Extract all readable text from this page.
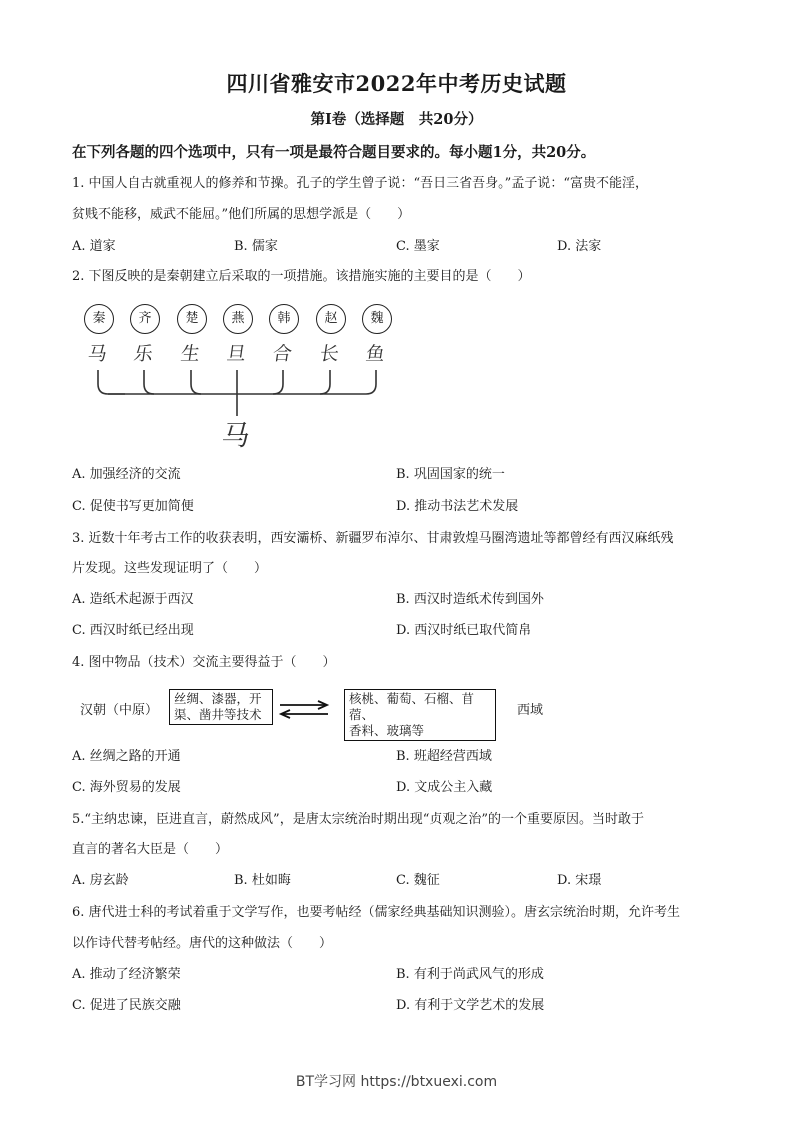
四川省雅安市2022年中考历史试题
第Ⅰ卷（选择题　共20分）
在下列各题的四个选项中，只有一项是最符合题目要求的。每小题1分，共20分。
1. 中国人自古就重视人的修养和节操。孔子的学生曾子说：“吾日三省吾身。”孟子说：“富贵不能淫，
贫贱不能移，威武不能屈。”他们所属的思想学派是（　　）
A. 道家	B. 儒家	C. 墨家	D. 法家
2. 下图反映的是秦朝建立后采取的一项措施。该措施实施的主要目的是（　　）
秦	齐	楚	燕	韩	赵	魏
马 乐 生 旦 合 长 鱼
马
A. 加强经济的交流	B. 巩固国家的统一
C. 促使书写更加简便	D. 推动书法艺术发展
3. 近数十年考古工作的收获表明，西安灞桥、新疆罗布淖尔、甘肃敦煌马圈湾遗址等都曾经有西汉麻纸残
片发现。这些发现证明了（　　）
A. 造纸术起源于西汉	B. 西汉时造纸术传到国外
C. 西汉时纸已经出现	D. 西汉时纸已取代简帛
4. 图中物品（技术）交流主要得益于（　　）
汉朝（中原）
丝绸、漆器，开
渠、凿井等技术
核桃、葡萄、石榴、苜蓿、
香料、玻璃等
西域
A. 丝绸之路的开通	B. 班超经营西域
C. 海外贸易的发展	D. 文成公主入藏
5.“主纳忠谏，臣进直言，蔚然成风”，是唐太宗统治时期出现“贞观之治”的一个重要原因。当时敢于
直言的著名大臣是（　　）
A. 房玄龄	B. 杜如晦	C. 魏征	D. 宋璟
6. 唐代进士科的考试着重于文学写作，也要考帖经（儒家经典基础知识测验）。唐玄宗统治时期，允许考生
以作诗代替考帖经。唐代的这种做法（　　）
A. 推动了经济繁荣	B. 有利于尚武风气的形成
C. 促进了民族交融	D. 有利于文学艺术的发展
BT学习网 https://btxuexi.com
